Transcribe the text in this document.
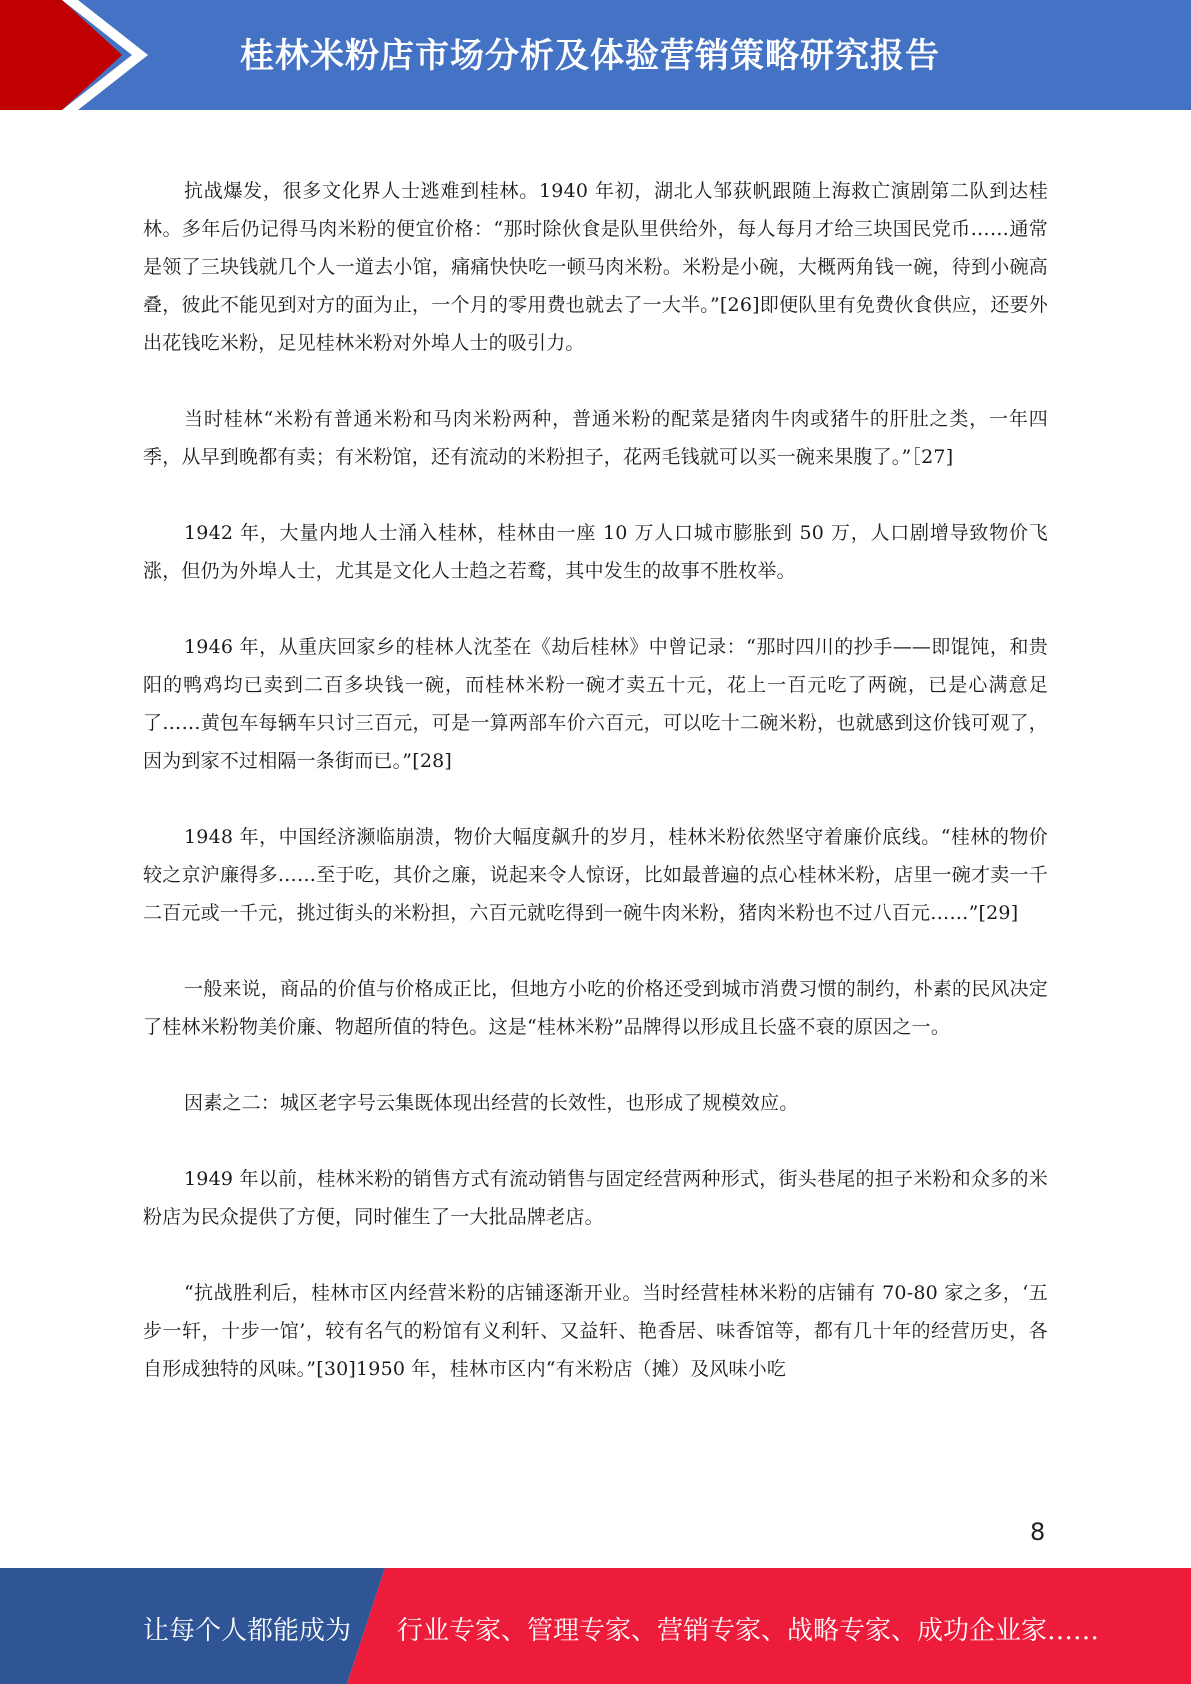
桂林米粉店市场分析及体验营销策略研究报告

抗战爆发，很多文化界人士逃难到桂林。1940 年初，湖北人邹荻帆跟随上海救亡演剧第二队到达桂林。多年后仍记得马肉米粉的便宜价格：“那时除伙食是队里供给外，每人每月才给三块国民党币……通常是领了三块钱就几个人一道去小馆，痛痛快快吃一顿马肉米粉。米粉是小碗，大概两角钱一碗，待到小碗高叠，彼此不能见到对方的面为止，一个月的零用费也就去了一大半。”[26]即便队里有免费伙食供应，还要外出花钱吃米粉，足见桂林米粉对外埠人士的吸引力。

当时桂林“米粉有普通米粉和马肉米粉两种，普通米粉的配菜是猪肉牛肉或猪牛的肝肚之类，一年四季，从早到晚都有卖；有米粉馆，还有流动的米粉担子，花两毛钱就可以买一碗来果腹了。”［27]

1942 年，大量内地人士涌入桂林，桂林由一座 10 万人口城市膨胀到 50 万，人口剧增导致物价飞涨，但仍为外埠人士，尤其是文化人士趋之若鹜，其中发生的故事不胜枚举。

1946 年，从重庆回家乡的桂林人沈荃在《劫后桂林》中曾记录：“那时四川的抄手——即馄饨，和贵阳的鸭鸡均已卖到二百多块钱一碗，而桂林米粉一碗才卖五十元，花上一百元吃了两碗，已是心满意足了……黄包车每辆车只讨三百元，可是一算两部车价六百元，可以吃十二碗米粉，也就感到这价钱可观了，因为到家不过相隔一条街而已。”[28]

1948 年，中国经济濒临崩溃，物价大幅度飙升的岁月，桂林米粉依然坚守着廉价底线。“桂林的物价较之京沪廉得多……至于吃，其价之廉，说起来令人惊讶，比如最普遍的点心桂林米粉，店里一碗才卖一千二百元或一千元，挑过街头的米粉担，六百元就吃得到一碗牛肉米粉，猪肉米粉也不过八百元……”[29]

一般来说，商品的价值与价格成正比，但地方小吃的价格还受到城市消费习惯的制约，朴素的民风决定了桂林米粉物美价廉、物超所值的特色。这是“桂林米粉”品牌得以形成且长盛不衰的原因之一。

因素之二：城区老字号云集既体现出经营的长效性，也形成了规模效应。

1949 年以前，桂林米粉的销售方式有流动销售与固定经营两种形式，街头巷尾的担子米粉和众多的米粉店为民众提供了方便，同时催生了一大批品牌老店。

“抗战胜利后，桂林市区内经营米粉的店铺逐渐开业。当时经营桂林米粉的店铺有 70-80 家之多，‘五步一轩，十步一馆’，较有名气的粉馆有义利轩、又益轩、艳香居、味香馆等，都有几十年的经营历史，各自形成独特的风味。”[30]1950 年，桂林市区内“有米粉店（摊）及风味小吃

8
让每个人都能成为 行业专家、管理专家、营销专家、战略专家、成功企业家……
